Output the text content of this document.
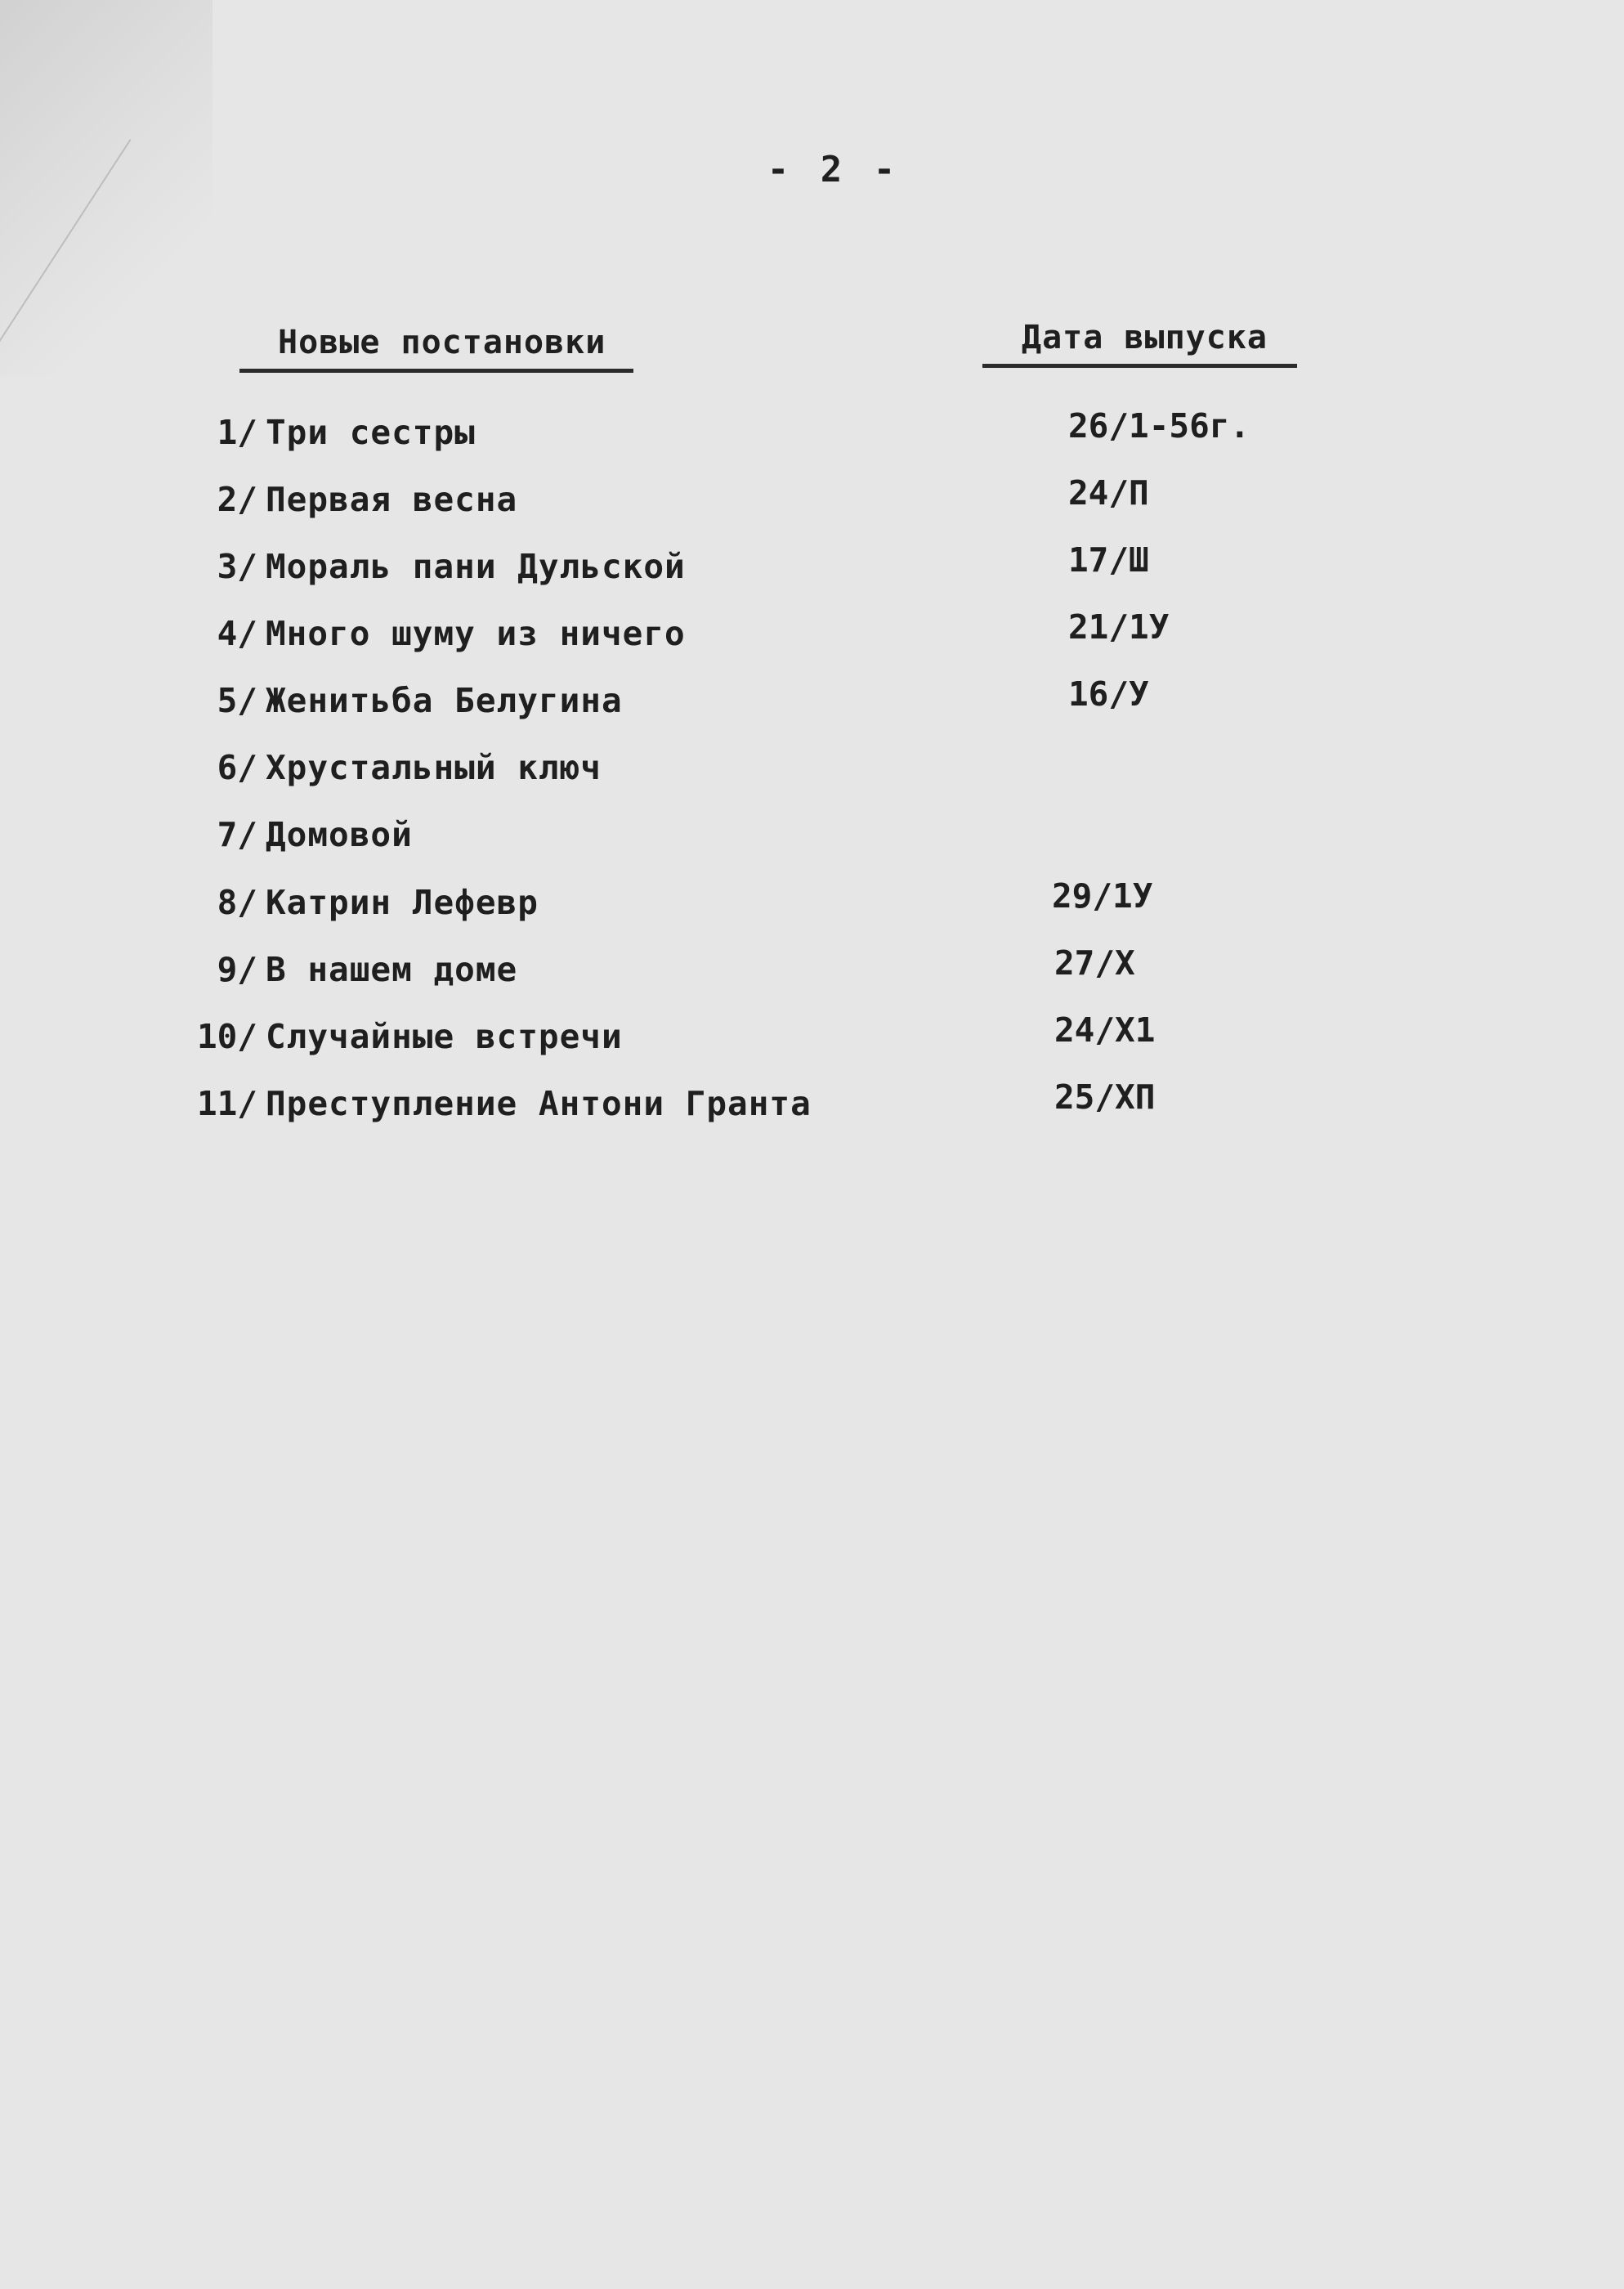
- 2 -
Новые постановки	Дата выпуска
1/ Три сестры	26/1-56г.
2/ Первая весна	24/П
3/ Мораль пани Дульской	17/Ш
4/ Много шуму из ничего	21/1У
5/ Женитьба Белугина	16/У
6/ Хрустальный ключ
7/ Домовой
8/ Катрин Лефевр	29/1У
9/ В нашем доме	27/Х
10/ Случайные встречи	24/Х1
11/ Преступление Антони Гранта	25/ХП
